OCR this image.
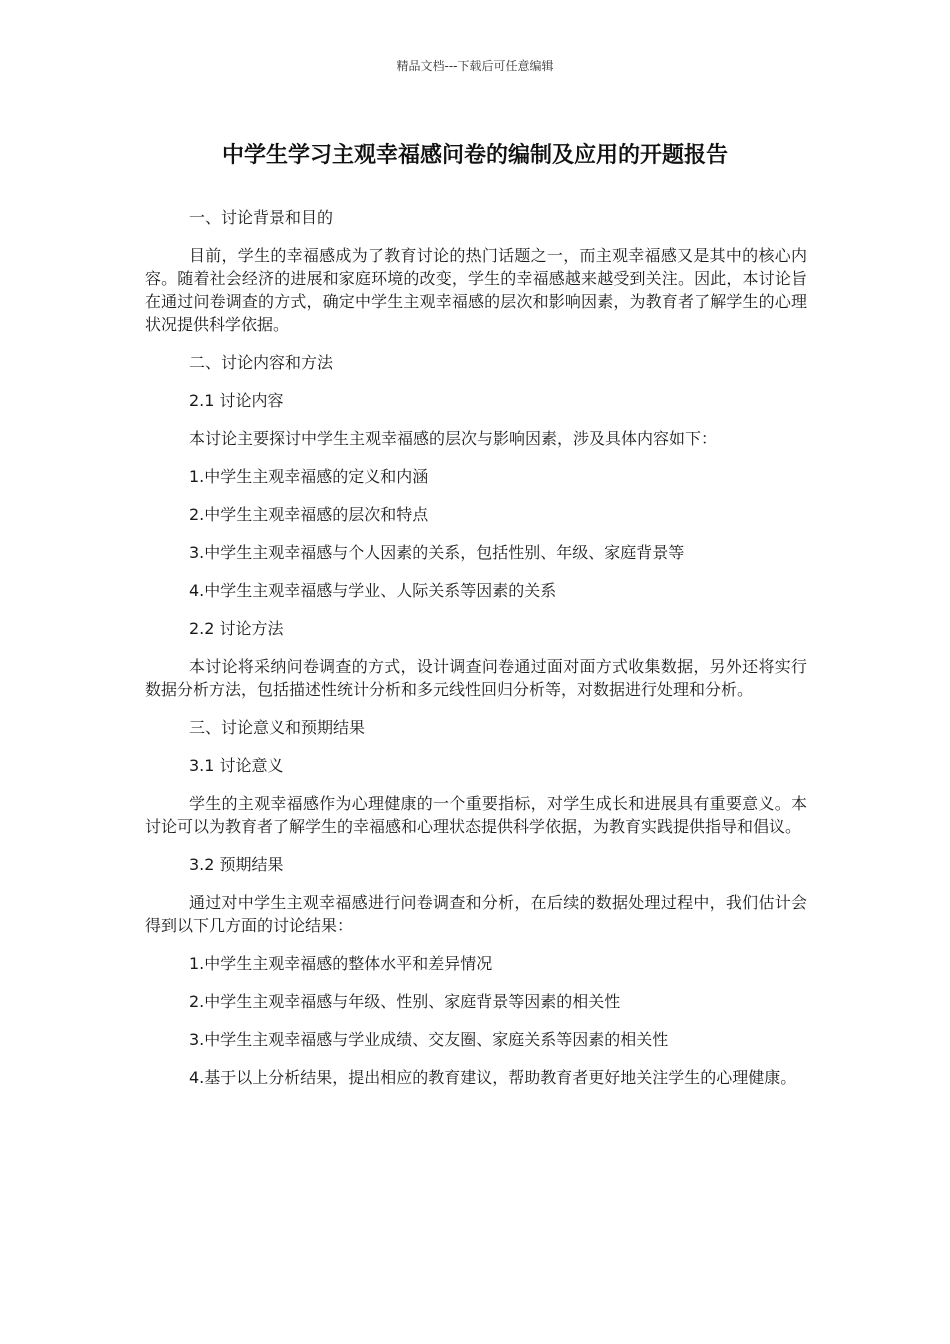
精品文档---下载后可任意编辑
中学生学习主观幸福感问卷的编制及应用的开题报告

一、讨论背景和目的

目前，学生的幸福感成为了教育讨论的热门话题之一，而主观幸福感又是其中的核心内容。随着社会经济的进展和家庭环境的改变，学生的幸福感越来越受到关注。因此，本讨论旨在通过问卷调查的方式，确定中学生主观幸福感的层次和影响因素，为教育者了解学生的心理状况提供科学依据。

二、讨论内容和方法

2.1 讨论内容

本讨论主要探讨中学生主观幸福感的层次与影响因素，涉及具体内容如下：

1.中学生主观幸福感的定义和内涵

2.中学生主观幸福感的层次和特点

3.中学生主观幸福感与个人因素的关系，包括性别、年级、家庭背景等

4.中学生主观幸福感与学业、人际关系等因素的关系

2.2 讨论方法

本讨论将采纳问卷调查的方式，设计调查问卷通过面对面方式收集数据，另外还将实行数据分析方法，包括描述性统计分析和多元线性回归分析等，对数据进行处理和分析。

三、讨论意义和预期结果

3.1 讨论意义

学生的主观幸福感作为心理健康的一个重要指标，对学生成长和进展具有重要意义。本讨论可以为教育者了解学生的幸福感和心理状态提供科学依据，为教育实践提供指导和倡议。

3.2 预期结果

通过对中学生主观幸福感进行问卷调查和分析，在后续的数据处理过程中，我们估计会得到以下几方面的讨论结果：

1.中学生主观幸福感的整体水平和差异情况

2.中学生主观幸福感与年级、性别、家庭背景等因素的相关性

3.中学生主观幸福感与学业成绩、交友圈、家庭关系等因素的相关性

4.基于以上分析结果，提出相应的教育建议，帮助教育者更好地关注学生的心理健康。
